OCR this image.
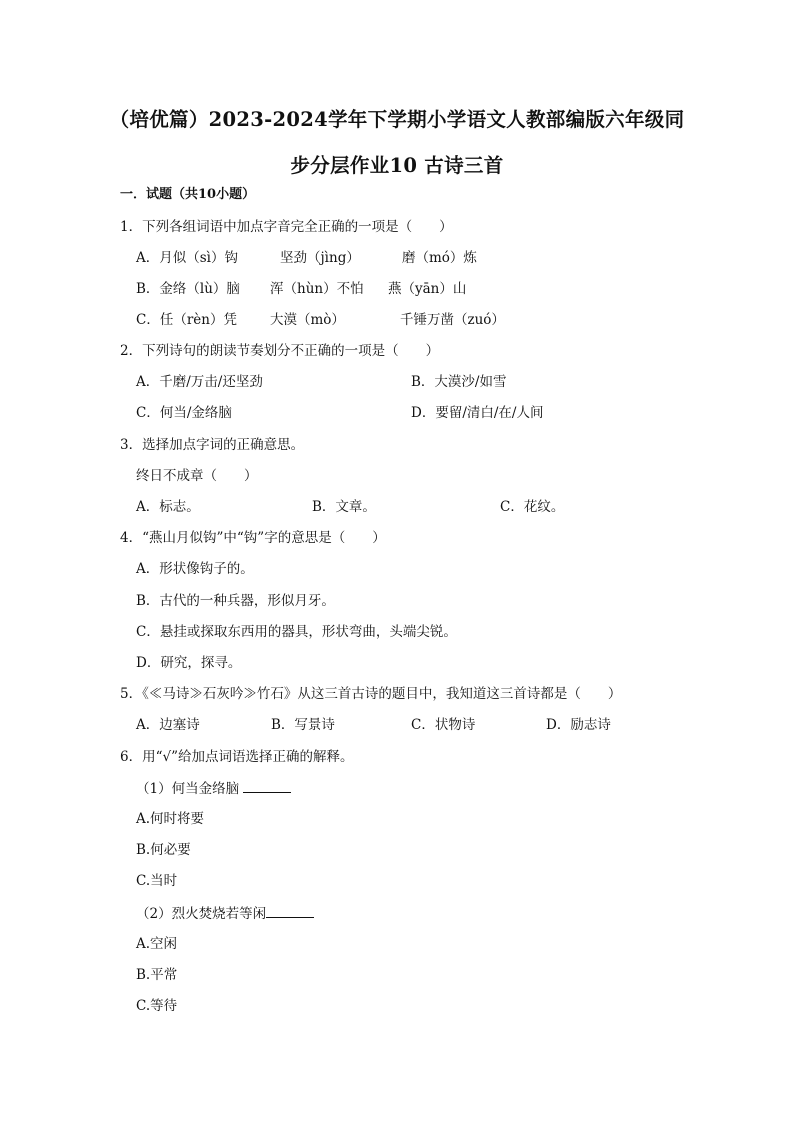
（培优篇）2023-2024学年下学期小学语文人教部编版六年级同
步分层作业10 古诗三首
一．试题（共10小题）
1．下列各组词语中加点字音完全正确的一项是（　　）
A．月似（sì）钩	坚劲（jìng）	磨（mó）炼
B．金络（lù）脑 浑（hùn）不怕 燕（yān）山
C．任（rèn）凭 大漠（mò）	千锤万凿（zuó）
2．下列诗句的朗读节奏划分不正确的一项是（　　）
A．千磨/万击/还坚劲	B．大漠沙/如雪
C．何当/金络脑	D．要留/清白/在/人间
3．选择加点字词的正确意思。
终日不成章（　　）
A．标志。	B．文章。	C．花纹。
4．“燕山月似钩”中“钩”字的意思是（　　）
A．形状像钩子的。
B．古代的一种兵器，形似月牙。
C．悬挂或探取东西用的器具，形状弯曲，头端尖锐。
D．研究，探寻。
5．《≪马诗≫石灰吟≫竹石》从这三首古诗的题目中，我知道这三首诗都是（　　）
A．边塞诗	B．写景诗	C．状物诗	D．励志诗
6．用“√”给加点词语选择正确的解释。
（1）何当金络脑
A.何时将要
B.何必要
C.当时
（2）烈火焚烧若等闲
A.空闲
B.平常
C.等待
